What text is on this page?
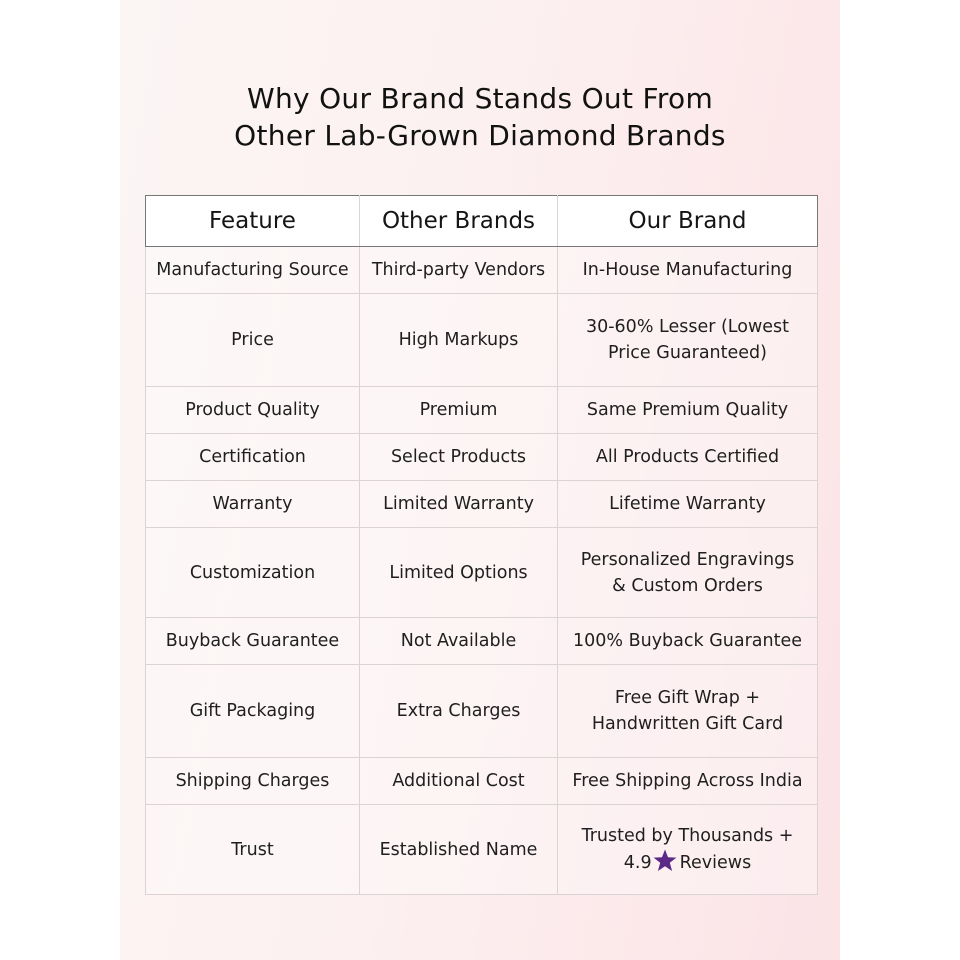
Why Our Brand Stands Out From
Other Lab-Grown Diamond Brands
Feature	Other Brands	Our Brand
Manufacturing Source	Third-party Vendors	In-House Manufacturing
Price	High Markups	30-60% Lesser (Lowest
Price Guaranteed)
Product Quality	Premium	Same Premium Quality
Certification	Select Products	All Products Certified
Warranty	Limited Warranty	Lifetime Warranty
Customization	Limited Options	Personalized Engravings
& Custom Orders
Buyback Guarantee	Not Available	100% Buyback Guarantee
Gift Packaging	Extra Charges	Free Gift Wrap +
Handwritten Gift Card
Shipping Charges	Additional Cost	Free Shipping Across India
Trust	Established Name	Trusted by Thousands +
4.9 Reviews
